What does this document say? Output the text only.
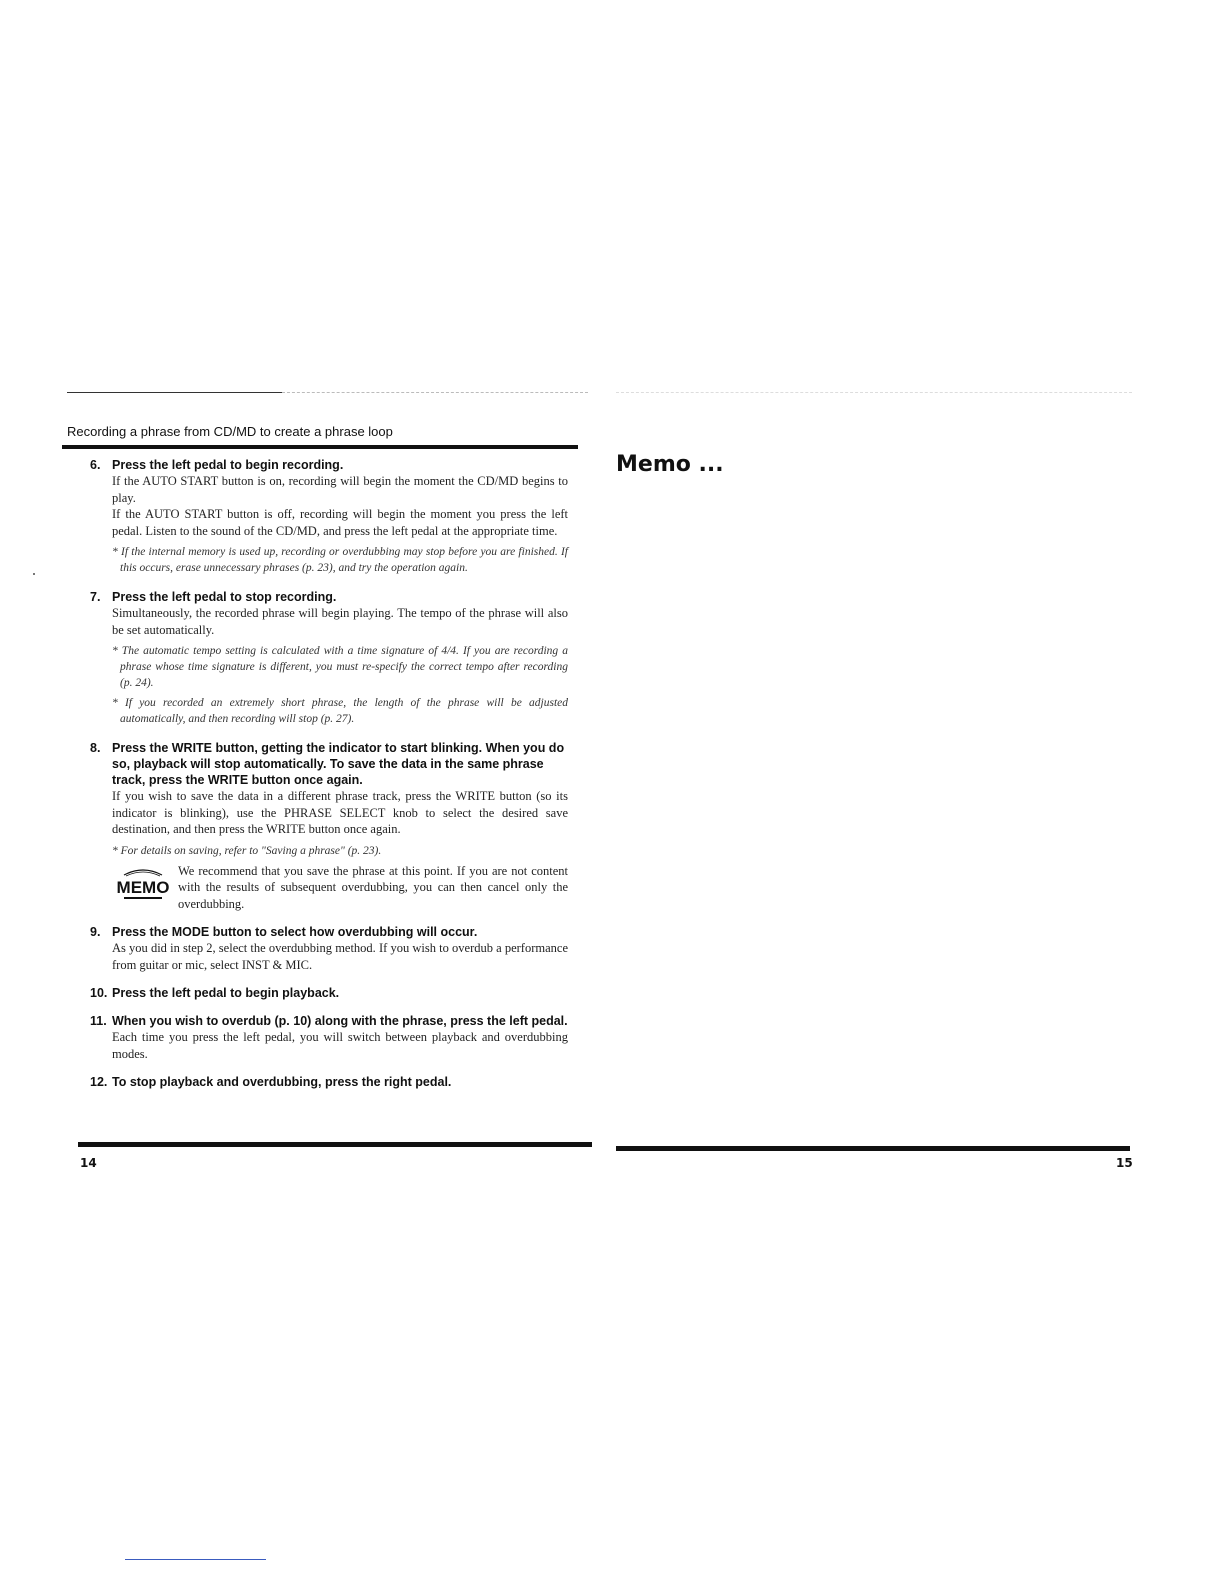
Recording a phrase from CD/MD to create a phrase loop
6. Press the left pedal to begin recording.
If the AUTO START button is on, recording will begin the moment the CD/MD begins to play.
If the AUTO START button is off, recording will begin the moment you press the left pedal. Listen to the sound of the CD/MD, and press the left pedal at the appropriate time.
* If the internal memory is used up, recording or overdubbing may stop before you are finished. If this occurs, erase unnecessary phrases (p. 23), and try the operation again.
7. Press the left pedal to stop recording.
Simultaneously, the recorded phrase will begin playing. The tempo of the phrase will also be set automatically.
* The automatic tempo setting is calculated with a time signature of 4/4. If you are recording a phrase whose time signature is different, you must re-specify the correct tempo after recording (p. 24).
* If you recorded an extremely short phrase, the length of the phrase will be adjusted automatically, and then recording will stop (p. 27).
8. Press the WRITE button, getting the indicator to start blinking. When you do so, playback will stop automatically. To save the data in the same phrase track, press the WRITE button once again.
If you wish to save the data in a different phrase track, press the WRITE button (so its indicator is blinking), use the PHRASE SELECT knob to select the desired save destination, and then press the WRITE button once again.
* For details on saving, refer to "Saving a phrase" (p. 23).
MEMO
We recommend that you save the phrase at this point. If you are not content with the results of subsequent overdubbing, you can then cancel only the overdubbing.
9. Press the MODE button to select how overdubbing will occur.
As you did in step 2, select the overdubbing method. If you wish to overdub a performance from guitar or mic, select INST & MIC.
10. Press the left pedal to begin playback.
11. When you wish to overdub (p. 10) along with the phrase, press the left pedal.
Each time you press the left pedal, you will switch between playback and overdubbing modes.
12. To stop playback and overdubbing, press the right pedal.
Memo ...
14	15
